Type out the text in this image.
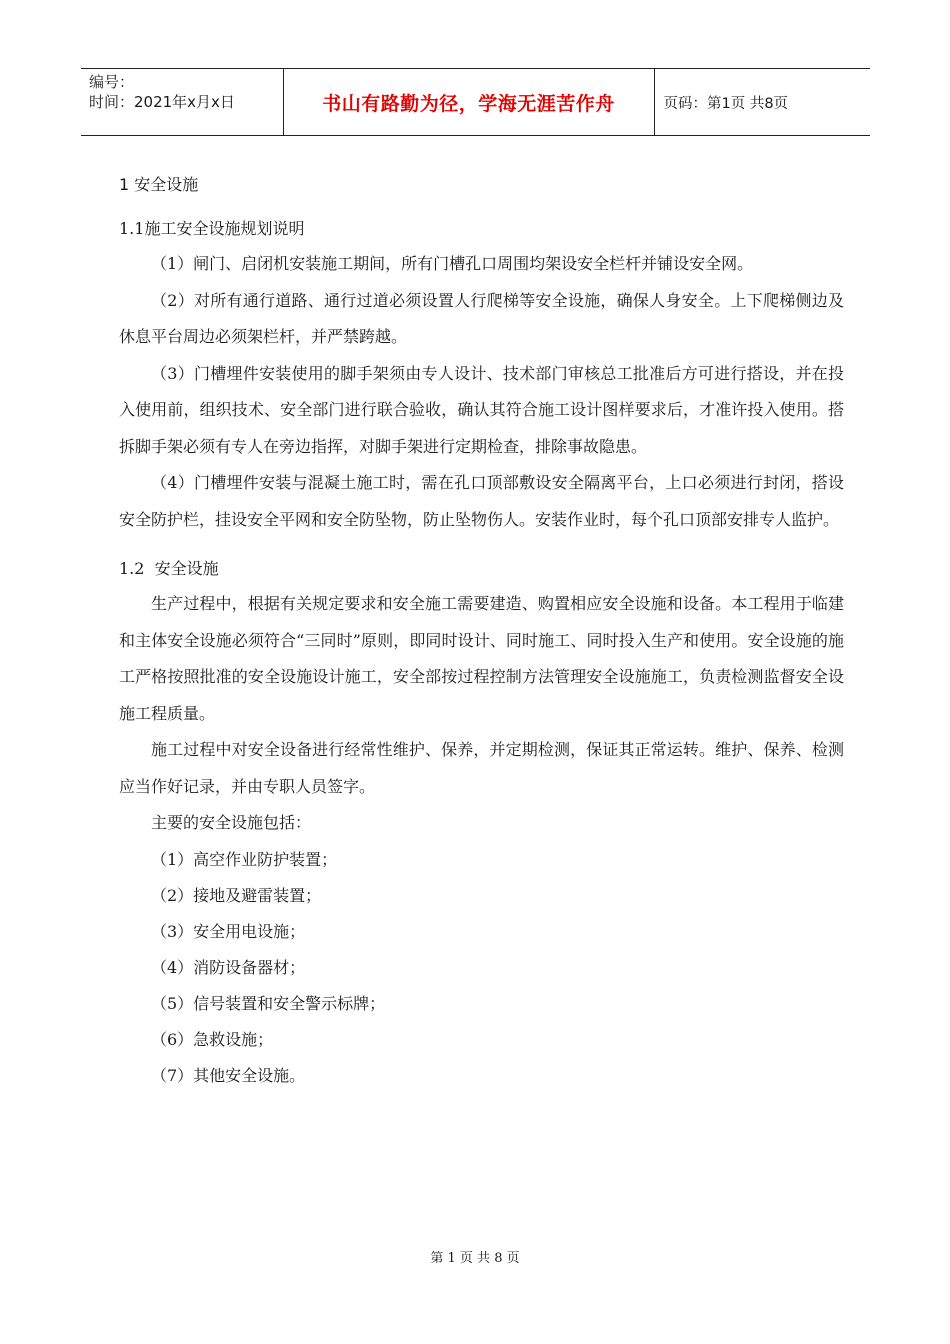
编号：
时间：2021年x月x日	书山有路勤为径，学海无涯苦作舟	页码：第1页 共8页
1 安全设施
1.1施工安全设施规划说明

（1）闸门、启闭机安装施工期间，所有门槽孔口周围均架设安全栏杆并铺设安全网。

（2）对所有通行道路、通行过道必须设置人行爬梯等安全设施，确保人身安全。上下爬梯侧边及休息平台周边必须架栏杆，并严禁跨越。

（3）门槽埋件安装使用的脚手架须由专人设计、技术部门审核总工批准后方可进行搭设，并在投入使用前，组织技术、安全部门进行联合验收，确认其符合施工设计图样要求后，才准许投入使用。搭拆脚手架必须有专人在旁边指挥，对脚手架进行定期检查，排除事故隐患。

（4）门槽埋件安装与混凝土施工时，需在孔口顶部敷设安全隔离平台，上口必须进行封闭，搭设安全防护栏，挂设安全平网和安全防坠物，防止坠物伤人。安装作业时，每个孔口顶部安排专人监护。

1.2 安全设施

生产过程中，根据有关规定要求和安全施工需要建造、购置相应安全设施和设备。本工程用于临建和主体安全设施必须符合“三同时”原则，即同时设计、同时施工、同时投入生产和使用。安全设施的施工严格按照批准的安全设施设计施工，安全部按过程控制方法管理安全设施施工，负责检测监督安全设施工程质量。

施工过程中对安全设备进行经常性维护、保养，并定期检测，保证其正常运转。维护、保养、检测应当作好记录，并由专职人员签字。

主要的安全设施包括：

（1）高空作业防护装置；
（2）接地及避雷装置；
（3）安全用电设施；
（4）消防设备器材；
（5）信号装置和安全警示标牌；
（6）急救设施；
（7）其他安全设施。
第 1 页 共 8 页
